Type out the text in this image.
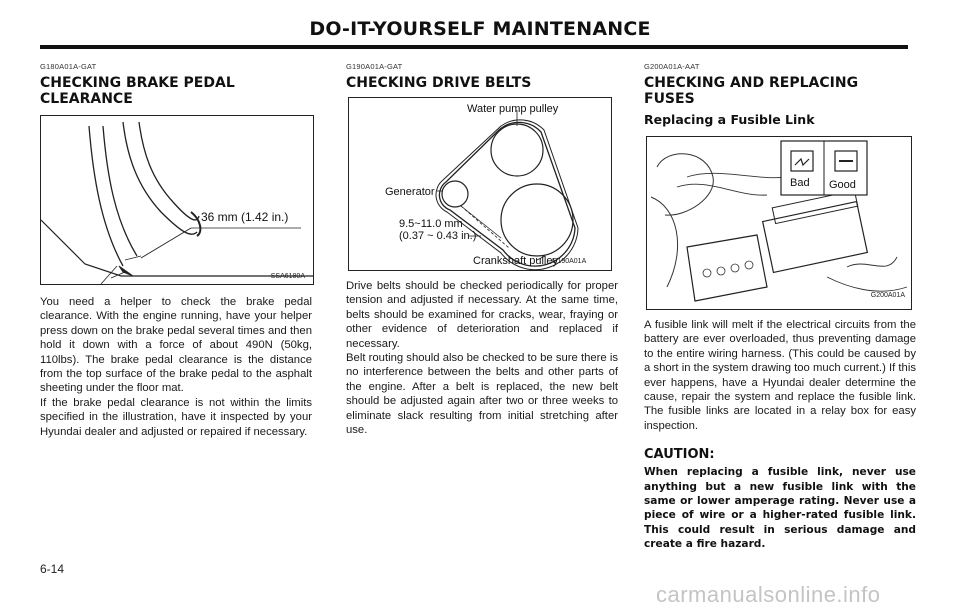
DO-IT-YOURSELF MAINTENANCE

G180A01A-GAT

CHECKING BRAKE PEDAL
CLEARANCE

36 mm (1.42 in.)
SSA6180A

You need a helper to check the brake pedal clearance. With the engine running, have your helper press down on the brake pedal several times and then hold it down with a force of about 490N (50kg, 110lbs). The brake pedal clearance is the distance from the top surface of the brake pedal to the asphalt sheeting under the floor mat.

If the brake pedal clearance is not within the limits specified in the illustration, have it inspected by your Hyundai dealer and adjusted or repaired if necessary.

G190A01A-GAT

CHECKING DRIVE BELTS

Water pump pulley
Generator
9.5~11.0 mm
(0.37 ~ 0.43 in.)
Crankshaft pulley
G190A01A

Drive belts should be checked periodically for proper tension and adjusted if necessary. At the same time, belts should be examined for cracks, wear, fraying or other evidence of deterioration and replaced if necessary.

Belt routing should also be checked to be sure there is no interference between the belts and other parts of the engine. After a belt is replaced, the new belt should be adjusted again after two or three weeks to eliminate slack resulting from initial stretching after use.

G200A01A-AAT

CHECKING AND REPLACING
FUSES

Replacing a Fusible Link

Bad Good
G200A01A

A fusible link will melt if the electrical circuits from the battery are ever overloaded, thus preventing damage to the entire wiring harness. (This could be caused by a short in the system drawing too much current.) If this ever happens, have a Hyundai dealer determine the cause, repair the system and replace the fusible link. The fusible links are located in a relay box for easy inspection.

CAUTION:

When replacing a fusible link, never use anything but a new fusible link with the same or lower amperage rating. Never use a piece of wire or a higher-rated fusible link. This could result in serious damage and create a fire hazard.

6-14
carmanualsonline.info
